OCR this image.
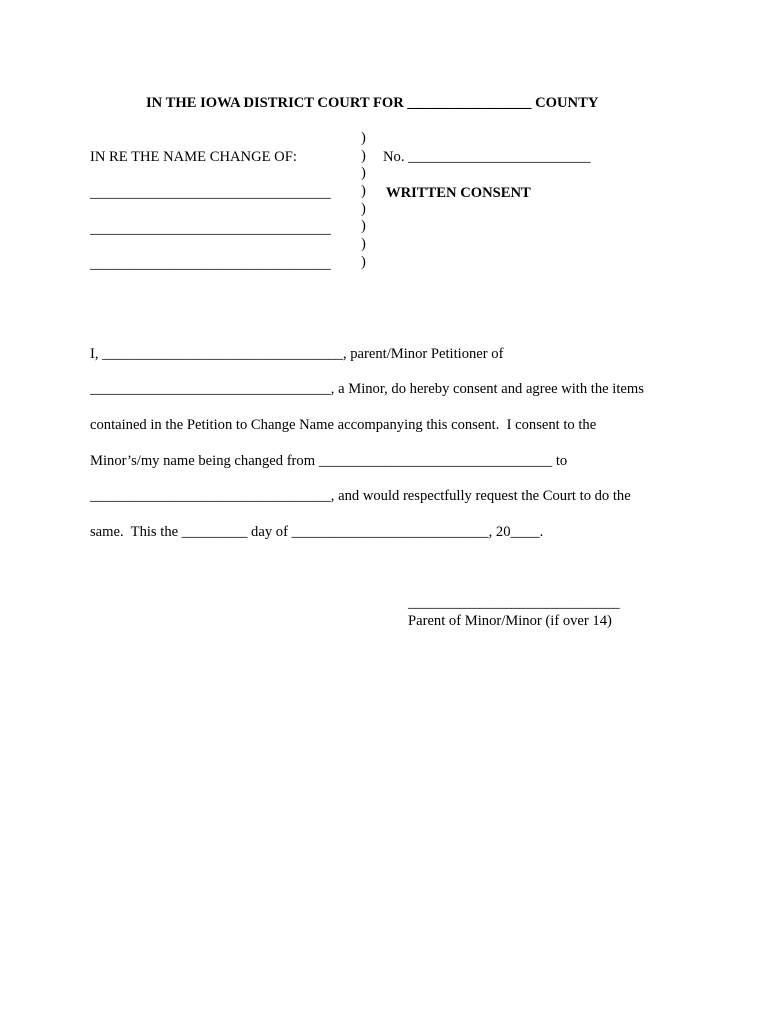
IN THE IOWA DISTRICT COURT FOR _________________ COUNTY
IN RE THE NAME CHANGE OF:
_________________________________
_________________________________
_________________________________
)
)
)
)
)
)
)
)
No. _________________________
WRITTEN CONSENT
I, _________________________________, parent/Minor Petitioner of
_________________________________, a Minor, do hereby consent and agree with the items
contained in the Petition to Change Name accompanying this consent.  I consent to the
Minor’s/my name being changed from ________________________________ to
_________________________________, and would respectfully request the Court to do the
same.  This the _________ day of ___________________________, 20____.
_____________________________
Parent of Minor/Minor (if over 14)
